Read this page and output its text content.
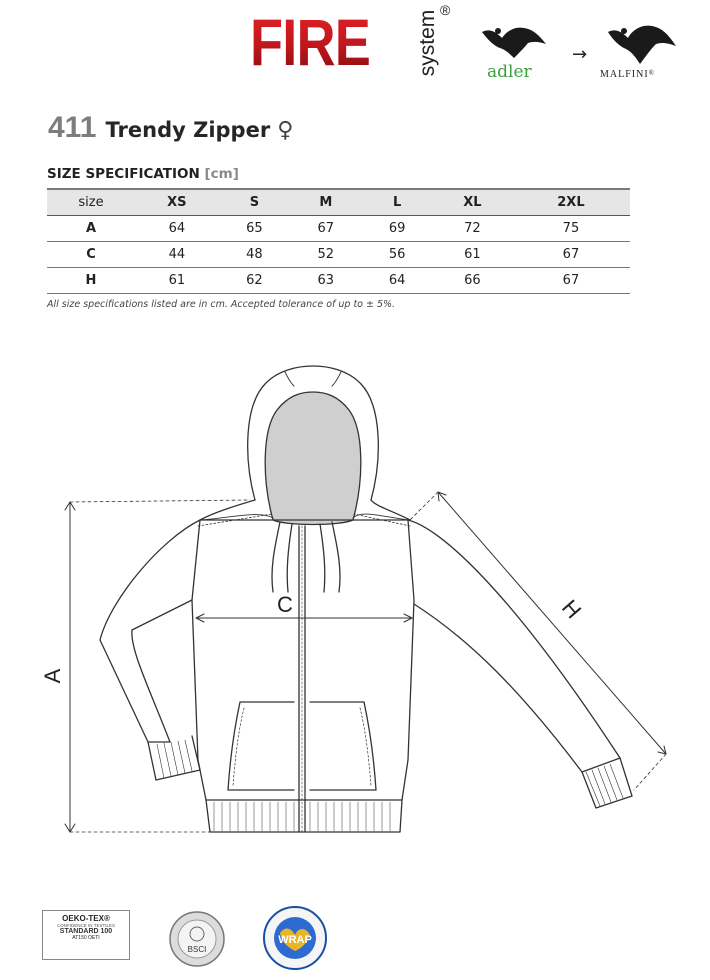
FIRE system ®
adler
→
MALFINI®
411 Trendy Zipper ♀
SIZE SPECIFICATION [cm]
size	XS	S	M	L	XL	2XL
A	64	65	67	69	72	75
C	44	48	52	56	61	67
H	61	62	63	64	66	67
All size specifications listed are in cm. Accepted tolerance of up to ± 5%.
A
C	H
OEKO-TEX®
CONFIDENCE IN TEXTILES
STANDARD 100
AT150 OETI
BSCI
WRAP
